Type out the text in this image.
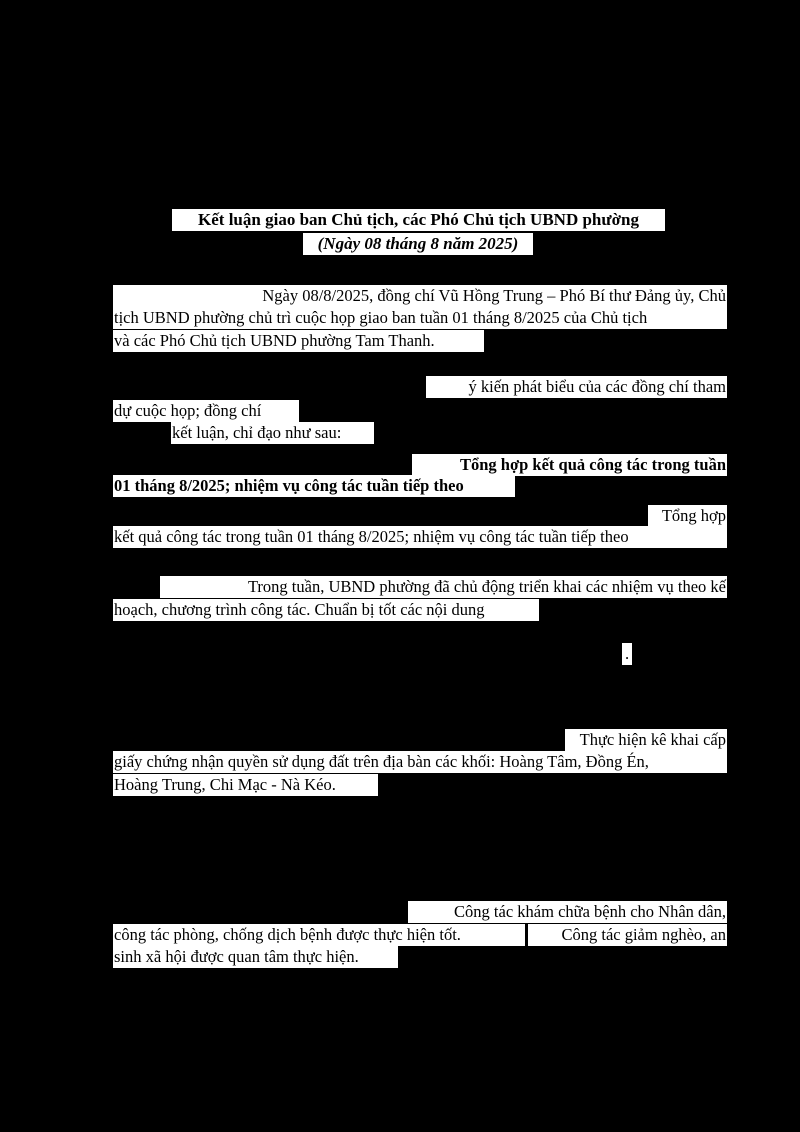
Kết luận giao ban Chủ tịch, các Phó Chủ tịch UBND phường
(Ngày 08 tháng 8 năm 2025)
Ngày 08/8/2025, đồng chí Vũ Hồng Trung – Phó Bí thư Đảng ủy, Chủ
tịch UBND phường chủ trì cuộc họp giao ban tuần 01 tháng 8/2025 của Chủ tịch
và các Phó Chủ tịch UBND phường Tam Thanh.
ý kiến phát biểu của các đồng chí tham
dự cuộc họp; đồng chí
kết luận, chỉ đạo như sau:
Tổng hợp kết quả công tác trong tuần
01 tháng 8/2025; nhiệm vụ công tác tuần tiếp theo
Tổng hợp
kết quả công tác trong tuần 01 tháng 8/2025; nhiệm vụ công tác tuần tiếp theo
Trong tuần, UBND phường đã chủ động triển khai các nhiệm vụ theo kế
hoạch, chương trình công tác. Chuẩn bị tốt các nội dung
.
Thực hiện kê khai cấp
giấy chứng nhận quyền sử dụng đất trên địa bàn các khối: Hoàng Tâm, Đồng Én,
Hoàng Trung, Chi Mạc - Nà Kéo.
Công tác khám chữa bệnh cho Nhân dân,
công tác phòng, chống dịch bệnh được thực hiện tốt.	Công tác giảm nghèo, an
sinh xã hội được quan tâm thực hiện.
